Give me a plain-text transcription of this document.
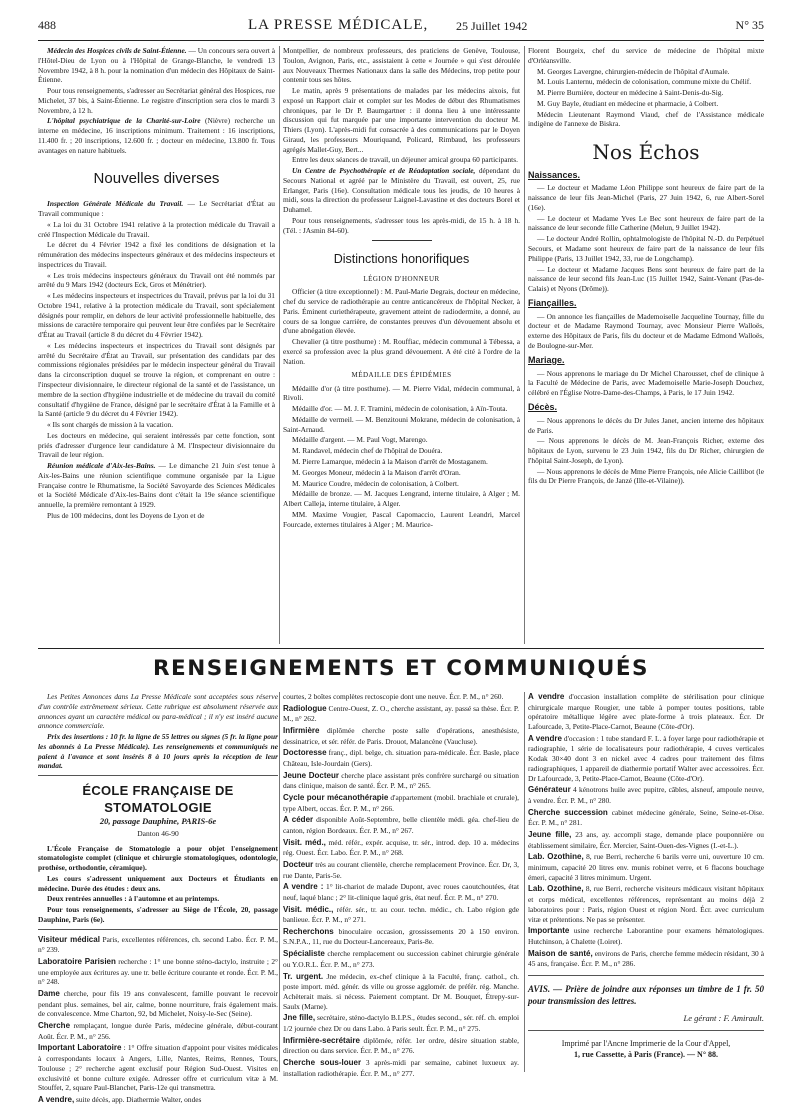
488	LA PRESSE MÉDICALE, 25 Juillet 1942	N° 35

Médecin des Hospices civils de Saint-Étienne. — Un concours sera ouvert à l'Hôtel-Dieu de Lyon ou à l'Hôpital de Grange-Blanche, le vendredi 13 Novembre 1942, à 8 h. pour la nomination d'un médecin des Hôpitaux de Saint-Étienne.

Pour tous renseignements, s'adresser au Secrétariat général des Hospices, rue Michelet, 37 bis, à Saint-Étienne. Le registre d'inscription sera clos le mardi 3 Novembre, à 12 h.

L'hôpital psychiatrique de la Charité-sur-Loire (Nièvre) recherche un interne en médecine, 16 inscriptions minimum. Traitement : 16 inscriptions, 11.400 fr. ; 20 inscriptions, 12.600 fr. ; docteur en médecine, 13.800 fr. Tous avantages en nature habituels.

Nouvelles diverses

Inspection Générale Médicale du Travail. — Le Secrétariat d'État au Travail communique :

« La loi du 31 Octobre 1941 relative à la protection médicale du Travail a créé l'Inspection Médicale du Travail.

Le décret du 4 Février 1942 a fixé les conditions de désignation et la rémunération des médecins inspecteurs généraux et des médecins inspecteurs et inspectrices du Travail.

« Les trois médecins inspecteurs généraux du Travail ont été nommés par arrêté du 9 Mars 1942 (docteurs Eck, Gros et Ménétrier).

« Les médecins inspecteurs et inspectrices du Travail, prévus par la loi du 31 Octobre 1941, relative à la protection médicale du Travail, sont spécialement désignés pour remplir, en dehors de leur activité professionnelle habituelle, des missions de caractère temporaire qui peuvent leur être confiées par le Secrétaire d'État au Travail (article 8 du décret du 4 Février 1942).

« Les médecins inspecteurs et inspectrices du Travail sont désignés par arrêté du Secrétaire d'État au Travail, sur présentation des candidats par des commissions régionales présidées par le médecin inspecteur général du Travail dans la circonscription duquel se trouve la région, et comprenant en outre : l'inspecteur divisionnaire, le directeur régional de la santé et de l'assistance, un membre de la section d'hygiène industrielle et de médecine du travail du comité consultatif d'hygiène de France, désigné par le secrétaire d'État à la Famille et à la Santé (article 9 du décret du 4 Février 1942).

« Ils sont chargés de mission à la vacation.

Les docteurs en médecine, qui seraient intéressés par cette fonction, sont priés d'adresser d'urgence leur candidature à M. l'Inspecteur divisionnaire du Travail de leur région.

Réunion médicale d'Aix-les-Bains. — Le dimanche 21 Juin s'est tenue à Aix-les-Bains une réunion scientifique commune organisée par la Ligue Française contre le Rhumatisme, la Société Savoyarde des Sciences Médicales et la Société Médicale d'Aix-les-Bains dont c'était la 19e séance scientifique annuelle, la première remontant à 1929.

Plus de 100 médecins, dont les Doyens de Lyon et de

Montpellier, de nombreux professeurs, des praticiens de Genève, Toulouse, Toulon, Avignon, Paris, etc., assistaient à cette « Journée » qui s'est déroulée aux Nouveaux Thermes Nationaux dans la salle des Médecins, trop petite pour contenir tous ses hôtes.

Le matin, après 9 présentations de malades par les médecins aixois, fut exposé un Rapport clair et complet sur les Modes de début des Rhumatismes chroniques, par le Dr P. Baumgartner : il donna lieu à une intéressante discussion qui fut marquée par une importante intervention du docteur M. Thiers (Lyon). L'après-midi fut consacrée à des communications par le Doyen Giraud, les professeurs Mouriquand, Policard, Rimbaud, les professeurs agrégés Mallet-Guy, Bert...

Entre les deux séances de travail, un déjeuner amical groupa 60 participants.

Un Centre de Psychothérapie et de Réadaptation sociale, dépendant du Secours National et agréé par le Ministère du Travail, est ouvert, 25, rue Erlanger, Paris (16e). Consultation médicale tous les jeudis, de 10 heures à midi, sous la direction du professeur Laignel-Lavastine et des docteurs Borel et Duhamel.

Pour tous renseignements, s'adresser tous les après-midi, de 15 h. à 18 h. (Tél. : JAsmin 84-60).

Distinctions honorifiques

LÉGION D'HONNEUR

Officier (à titre exceptionnel) : M. Paul-Marie Degrais, docteur en médecine, chef du service de radiothérapie au centre anticancéreux de l'hôpital Necker, à Paris. Éminent curiethérapeute, gravement atteint de radiodermite, a donné, au cours de sa longue carrière, de constantes preuves d'un dévouement absolu et d'une abnégation élevée.

Chevalier (à titre posthume) : M. Rouffiac, médecin communal à Tébessa, a exercé sa profession avec la plus grand dévouement. A été cité à l'ordre de la Nation.

MÉDAILLE DES ÉPIDÉMIES

Médaille d'or (à titre posthume). — M. Pierre Vidal, médecin communal, à Rivoli.

Médaille d'or. — M. J. F. Tramini, médecin de colonisation, à Aïn-Touta.

Médaille de vermeil. — M. Benzitouni Mokrane, médecin de colonisation, à Saint-Arnaud.

Médaille d'argent. — M. Paul Vogt, Marengo.

M. Randavel, médecin chef de l'hôpital de Douéra.

M. Pierre Lamarque, médecin à la Maison d'arrêt de Mostaganem.

M. Georges Moneur, médecin à la Maison d'arrêt d'Oran.

M. Maurice Coudre, médecin de colonisation, à Colbert.

Médaille de bronze. — M. Jacques Lengrand, interne titulaire, à Alger ; M. Albert Calleja, interne titulaire, à Alger.

MM. Maxime Vougier, Pascal Capomaccio, Laurent Leandri, Marcel Fourcade, externes titulaires à Alger ; M. Maurice-

Florent Bourgeix, chef du service de médecine de l'hôpital mixte d'Orléansville.

M. Georges Lavergne, chirurgien-médecin de l'hôpital d'Aumale.

M. Louis Lanternu, médecin de colonisation, commune mixte du Chélif.

M. Pierre Burnière, docteur en médecine à Saint-Denis-du-Sig.

M. Guy Bayle, étudiant en médecine et pharmacie, à Colbert.

Médecin Lieutenant Raymond Viaud, chef de l'Assistance médicale indigène de l'annexe de Biskra.

Nos Échos

Naissances.

— Le docteur et Madame Léon Philippe sont heureux de faire part de la naissance de leur fils Jean-Michel (Paris, 27 Juin 1942, 6, rue Albert-Sorel (16e).

— Le docteur et Madame Yves Le Bec sont heureux de faire part de la naissance de leur seconde fille Catherine (Melun, 9 Juillet 1942).

— Le docteur André Rollin, ophtalmologiste de l'hôpital N.-D. du Perpétuel Secours, et Madame sont heureux de faire part de la naissance de leur fils Philippe (Paris, 13 Juillet 1942, 33, rue de Longchamp).

— Le docteur et Madame Jacques Bens sont heureux de faire part de la naissance de leur second fils Jean-Luc (15 Juillet 1942, Saint-Venant (Pas-de-Calais) et Nyons (Drôme)).

Fiançailles.

— On annonce les fiançailles de Mademoiselle Jacqueline Tournay, fille du docteur et de Madame Raymond Tournay, avec Monsieur Pierre Walloës, externe des Hôpitaux de Paris, fils du docteur et de Madame Edmond Walloës, de Boulogne-sur-Mer.

Mariage.

— Nous apprenons le mariage du Dr Michel Charousset, chef de clinique à la Faculté de Médecine de Paris, avec Mademoiselle Marie-Joseph Douchez, célébré en l'Église Notre-Dame-des-Champs, à Paris, le 17 Juin 1942.

Décès.

— Nous apprenons le décès du Dr Jules Janet, ancien interne des hôpitaux de Paris.

— Nous apprenons le décès de M. Jean-François Richer, externe des hôpitaux de Lyon, survenu le 23 Juin 1942, fils du Dr Richer, chirurgien de l'hôpital Saint-Joseph, de Lyon).

— Nous apprenons le décès de Mme Pierre François, née Alicie Caillibot (le fils du Dr Pierre François, de Janzé (Ille-et-Vilaine)).

RENSEIGNEMENTS ET COMMUNIQUÉS

Les Petites Annonces dans La Presse Médicale sont acceptées sous réserve d'un contrôle extrêmement sérieux. Cette rubrique est absolument réservée aux annonces ayant un caractère médical ou para-médical ; il n'y est inséré aucune annonce commerciale.

Prix des insertions : 10 fr. la ligne de 55 lettres ou signes (5 fr. la ligne pour les abonnés à La Presse Médicale). Les renseignements et communiqués ne paient à l'avance et sont insérés 8 à 10 jours après la réception de leur mandat.

ÉCOLE FRANÇAISE DE STOMATOLOGIE

20, passage Dauphine, PARIS-6e

Danton 46-90

L'École Française de Stomatologie a pour objet l'enseignement stomatologiste complet (clinique et chirurgie stomatologiques, odontologie, prothèse, orthodontie, céramique).

Les cours s'adressent uniquement aux Docteurs et Étudiants en médecine. Durée des études : deux ans.

Deux rentrées annuelles : à l'automne et au printemps.

Pour tous renseignements, s'adresser au Siège de l'École, 20, passage Dauphine, Paris (6e).

Visiteur médical Paris, excellentes références, ch. second Labo. Écr. P. M., n° 239.

Laboratoire Parisien recherche : 1° une bonne sténo-dactylo, instruite ; 2° une employée aux écritures ay. une tr. belle écriture courante et ronde. Écr. P. M., n° 248.

Dame cherche, pour fils 19 ans convalescent, famille pouvant le recevoir pendant plus. semaines, bel air, calme, bonne nourriture, frais également mais. de convalescence. Mme Charton, 92, bd Michelet, Noisy-le-Sec (Seine).

Cherche remplaçant, longue durée Paris, médecine générale, début-courant Août. Écr. P. M., n° 256.

Important Laboratoire : 1° Offre situation d'appoint pour visites médicales à correspondants locaux à Angers, Lille, Nantes, Reims, Rennes, Tours, Toulouse ; 2° recherche agent exclusif pour Région Sud-Ouest. Visites en exclusivité et bonne culture exigée. Adresser offre et curriculum vitæ à M. Stouffet, 2, square Paul-Blanchet, Paris-12e qui transmettra.

A vendre, suite décès, app. Diathermie Walter, ondes

courtes, 2 boîtes complètes rectoscopie dont une neuve. Écr. P. M., n° 260.

Radiologue Centre-Ouest, Z. O., cherche assistant, ay. passé sa thèse. Écr. P. M., n° 262.

Infirmière diplômée cherche poste salle d'opérations, anesthésiste, dessinatrice, et sér. référ. de Paris. Drouot, Malancène (Vaucluse).

Doctoresse franç., dipl. belge, ch. situation para-médicale. Écr. Basle, place Château, Isle-Jourdain (Gers).

Jeune Docteur cherche place assistant près confrère surchargé ou situation dans clinique, maison de santé. Écr. P. M., n° 265.

Cycle pour mécanothérapie d'appartement (mobil. brachiale et crurale), type Albert, occas. Écr. P. M., n° 266.

A céder disponible Août-Septembre, belle clientèle médi. géa. chef-lieu de canton, région Bordeaux. Écr. P. M., n° 267.

Visit. méd., méd. référ., expér. acquise, tr. sér., introd. dep. 10 a. médecins rég. Ouest. Écr. Labo. Écr. P. M., n° 268.

Docteur très au courant clientèle, cherche remplacement Province. Écr. Dr, 3, rue Dante, Paris-5e.

A vendre : 1° lit-chariot de malade Dupont, avec roues caoutchoutées, état neuf, laqué blanc ; 2° lit-clinique laqué gris, état neuf. Écr. P. M., n° 270.

Visit. médic., référ. sér., tr. au cour. techn. médic., ch. Labo région gde banlieue. Écr. P. M., n° 271.

Recherchons binoculaire occasion, grossissements 20 à 150 environ. S.N.P.A., 11, rue du Docteur-Lancereaux, Paris-8e.

Spécialiste cherche remplacement ou succession cabinet chirurgie générale ou Y.O.R.L. Écr. P. M., n° 273.

Tr. urgent. Jne médecin, ex-chef clinique à la Faculté, franç. cathol., ch. poste import. méd. génér. ds ville ou grosse agglomér. de préfér. rég. Manche. Achèterait mais. si nécess. Paiement comptant. Dr M. Bouquet, Étrepy-sur-Saulx (Marne).

Jne fille, secrétaire, sténo-dactylo B.I.P.S., études second., sér. réf. ch. emploi 1/2 journée chez Dr ou dans Labo. à Paris seult. Écr. P. M., n° 275.

Infirmière-secrétaire diplômée, référ. 1er ordre, désire situation stable, direction ou dans service. Écr. P. M., n° 276.

Cherche sous-louer 3 après-midi par semaine, cabinet luxueux ay. installation radiothérapie. Écr. P. M., n° 277.

A vendre d'occasion installation complète de stérilisation pour clinique chirurgicale marque Rougier, une table à pomper toutes positions, table opératoire métallique légère avec plate-forme à trois plateaux. Écr. Dr Lafourcade, 3, Petite-Place-Carnot, Beaune (Côte-d'Or).

A vendre d'occasion : 1 tube standard F. L. à foyer large pour radiothérapie et radiographie, 1 série de localisateurs pour radiothérapie, 4 cuves verticales Kodak 30×40 dont 3 en nickel avec 4 cadres pour traitement des films radiographiques, 1 appareil de diathermie portatif Walter avec accessoires. Écr. Dr Lafourcade, 3, Petite-Place-Carnot, Beaune (Côte-d'Or).

Générateur 4 kénotrons huile avec pupitre, câbles, alsneuf, ampoule neuve, à vendre. Écr. P. M., n° 280.

Cherche succession cabinet médecine générale, Seine, Seine-et-Oise. Écr. P. M., n° 281.

Jeune fille, 23 ans, ay. accompli stage, demande place pouponnière ou établissement similaire, Écr. Mercier, Saint-Ouen-des-Vignes (I.-et-L.).

Lab. Ozothine, 8, rue Berri, recherche 6 barils verre uni, ouverture 10 cm. minimum, capacité 20 litres env. munis robinet verre, et 6 flacons bouchage émeri, capacité 3 litres minimum. Urgent.

Lab. Ozothine, 8, rue Berri, recherche visiteurs médicaux visitant hôpitaux et corps médical, excellentes références, représentant au moins déjà 2 laboratoires pour : Paris, région Ouest et région Nord. Écr. avec curriculum vitæ et prétentions. Ne pas se présenter.

Importante usine recherche Laborantine pour examens hématologiques. Hutchinson, à Chalette (Loiret).

Maison de santé, environs de Paris, cherche femme médecin résidant, 30 à 45 ans, française. Écr. P. M., n° 286.

AVIS. — Prière de joindre aux réponses un timbre de 1 fr. 50 pour transmission des lettres.

Le gérant : F. Amirault.

Imprimé par l'Ancne Imprimerie de la Cour d'Appel,

1, rue Cassette, à Paris (France). — N° 88.
